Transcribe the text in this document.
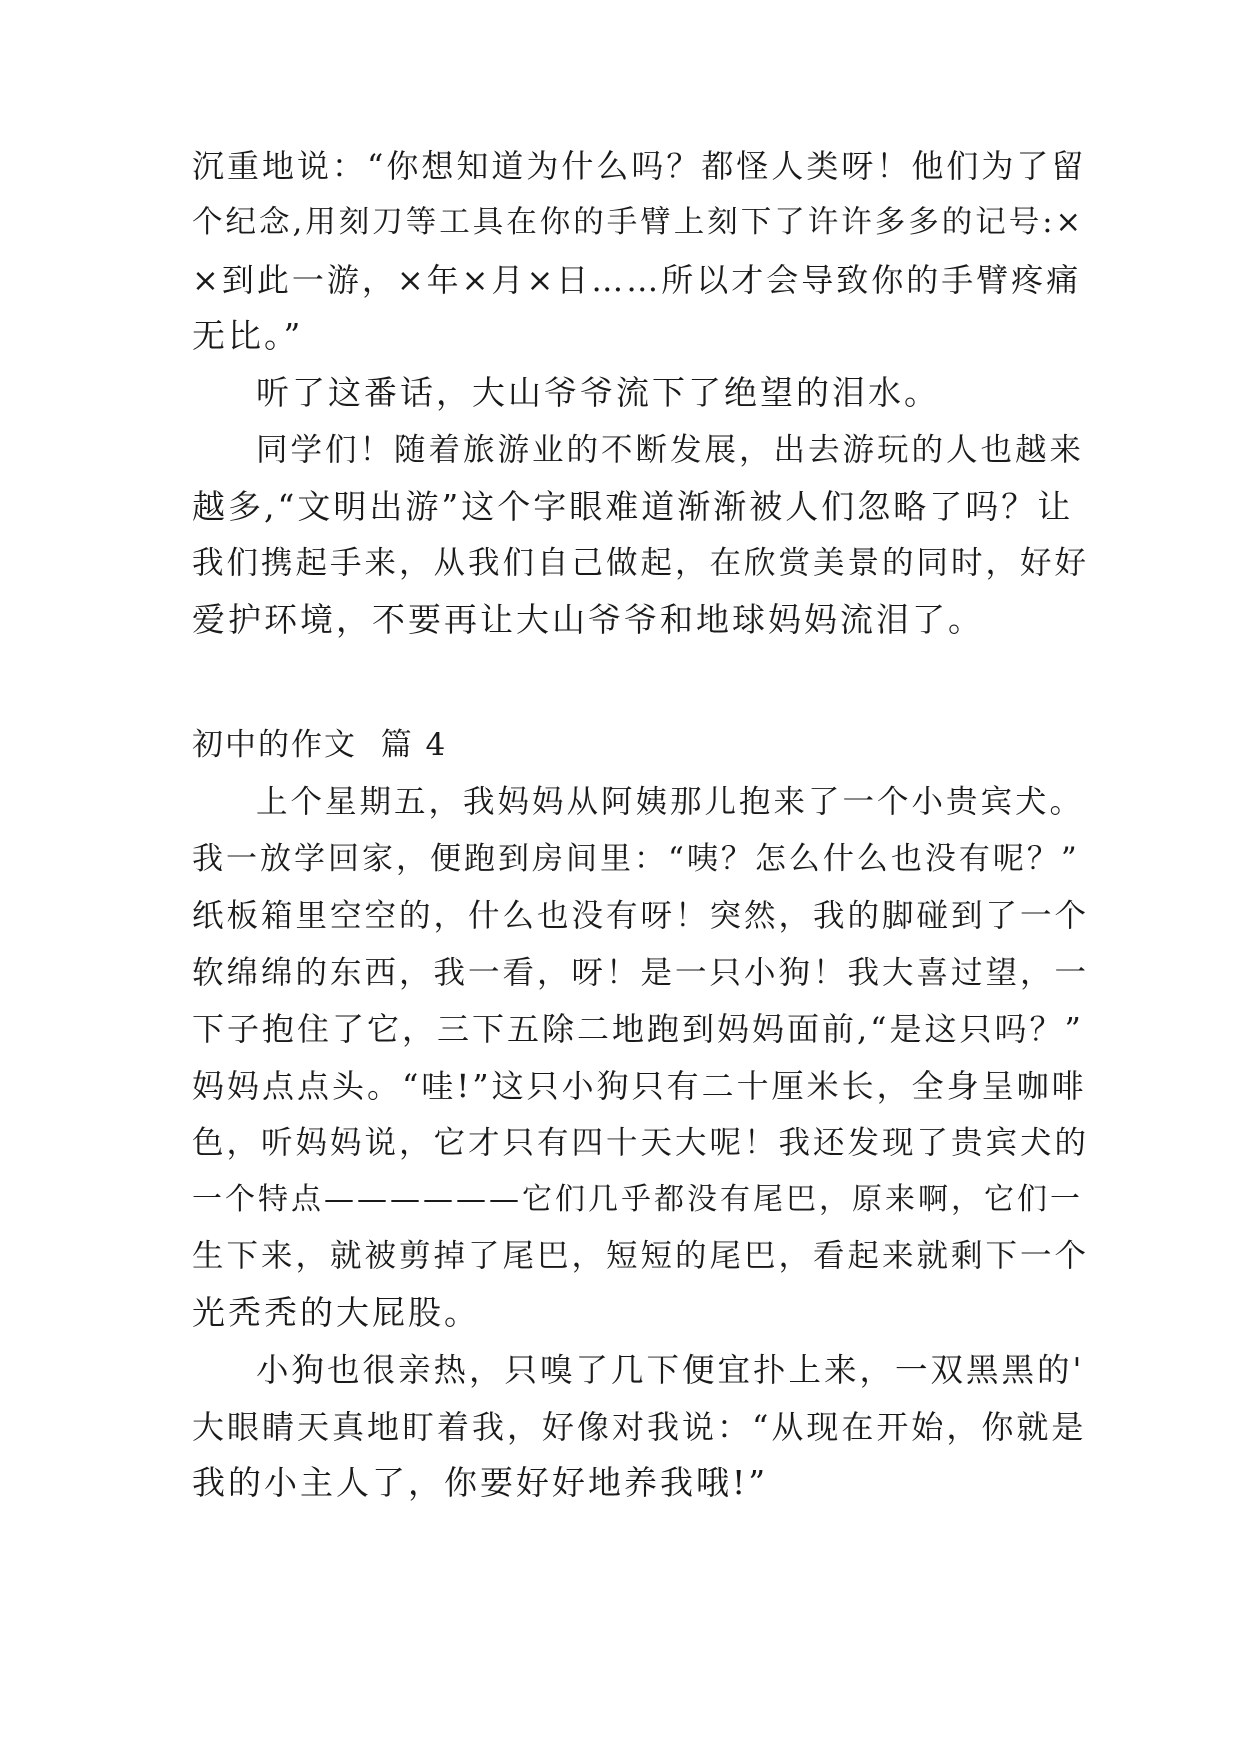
沉重地说：“你想知道为什么吗？都怪人类呀！他们为了留
个纪念,用刻刀等工具在你的手臂上刻下了许许多多的记号:×
×到此一游，×年×月×日……所以才会导致你的手臂疼痛
无比。”
听了这番话，大山爷爷流下了绝望的泪水。
同学们！随着旅游业的不断发展，出去游玩的人也越来
越多,“文明出游”这个字眼难道渐渐被人们忽略了吗？让
我们携起手来，从我们自己做起，在欣赏美景的同时，好好
爱护环境，不要再让大山爷爷和地球妈妈流泪了。
初中的作文  篇 4
上个星期五，我妈妈从阿姨那儿抱来了一个小贵宾犬。
我一放学回家，便跑到房间里：“咦？怎么什么也没有呢？”
纸板箱里空空的，什么也没有呀！突然，我的脚碰到了一个
软绵绵的东西，我一看，呀！是一只小狗！我大喜过望，一
下子抱住了它，三下五除二地跑到妈妈面前,“是这只吗？”
妈妈点点头。“哇!”这只小狗只有二十厘米长，全身呈咖啡
色，听妈妈说，它才只有四十天大呢！我还发现了贵宾犬的
一个特点——————它们几乎都没有尾巴，原来啊，它们一
生下来，就被剪掉了尾巴，短短的尾巴，看起来就剩下一个
光秃秃的大屁股。
小狗也很亲热，只嗅了几下便宜扑上来，一双黑黑的'
大眼睛天真地盯着我，好像对我说：“从现在开始，你就是
我的小主人了，你要好好地养我哦!”
